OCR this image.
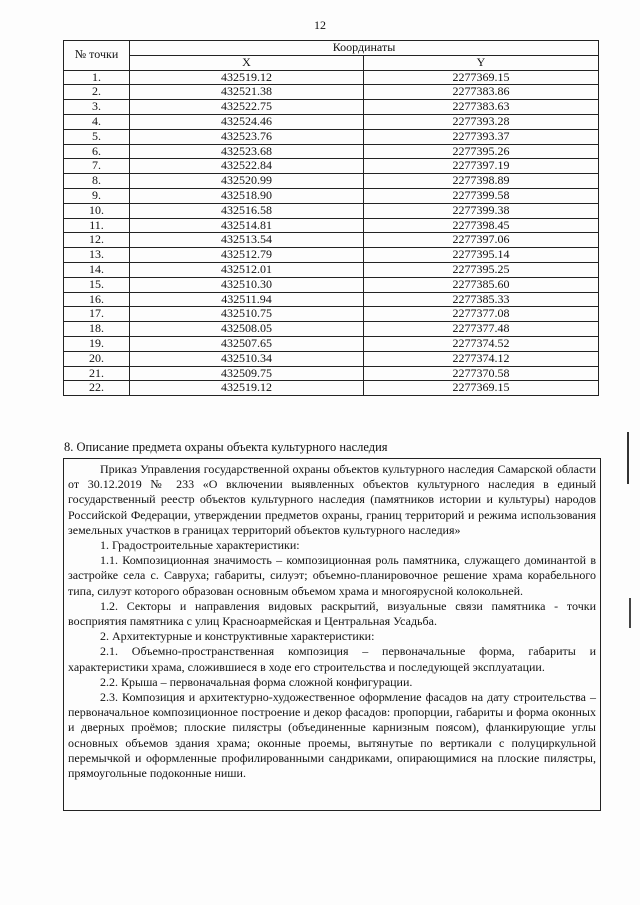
12
№ точки	Координаты	
	X	Y
1.	432519.12	2277369.15
2.	432521.38	2277383.86
3.	432522.75	2277383.63
4.	432524.46	2277393.28
5.	432523.76	2277393.37
6.	432523.68	2277395.26
7.	432522.84	2277397.19
8.	432520.99	2277398.89
9.	432518.90	2277399.58
10.	432516.58	2277399.38
11.	432514.81	2277398.45
12.	432513.54	2277397.06
13.	432512.79	2277395.14
14.	432512.01	2277395.25
15.	432510.30	2277385.60
16.	432511.94	2277385.33
17.	432510.75	2277377.08
18.	432508.05	2277377.48
19.	432507.65	2277374.52
20.	432510.34	2277374.12
21.	432509.75	2277370.58
22.	432519.12	2277369.15
8. Описание предмета охраны объекта культурного наследия

Приказ Управления государственной охраны объектов культурного наследия Самарской области от 30.12.2019 № 233 «О включении выявленных объектов культурного наследия в единый государственный реестр объектов культурного наследия (памятников истории и культуры) народов Российской Федерации, утверждении предметов охраны, границ территорий и режима использования земельных участков в границах территорий объектов культурного наследия»

1. Градостроительные характеристики:

1.1. Композиционная значимость – композиционная роль памятника, служащего доминантой в застройке села с. Савруха; габариты, силуэт; объемно-планировочное решение храма корабельного типа, силуэт которого образован основным объемом храма и многоярусной колокольней.

1.2. Секторы и направления видовых раскрытий, визуальные связи памятника - точки восприятия памятника с улиц Красноармейская и Центральная Усадьба.

2. Архитектурные и конструктивные характеристики:

2.1. Объемно-пространственная композиция – первоначальные форма, габариты и характеристики храма, сложившиеся в ходе его строительства и последующей эксплуатации.

2.2. Крыша – первоначальная форма сложной конфигурации.

2.3. Композиция и архитектурно-художественное оформление фасадов на дату строительства – первоначальное композиционное построение и декор фасадов: пропорции, габариты и форма оконных и дверных проёмов; плоские пилястры (объединенные карнизным поясом), фланкирующие углы основных объемов здания храма; оконные проемы, вытянутые по вертикали с полуциркульной перемычкой и оформленные профилированными сандриками, опирающимися на плоские пилястры, прямоугольные подоконные ниши.
